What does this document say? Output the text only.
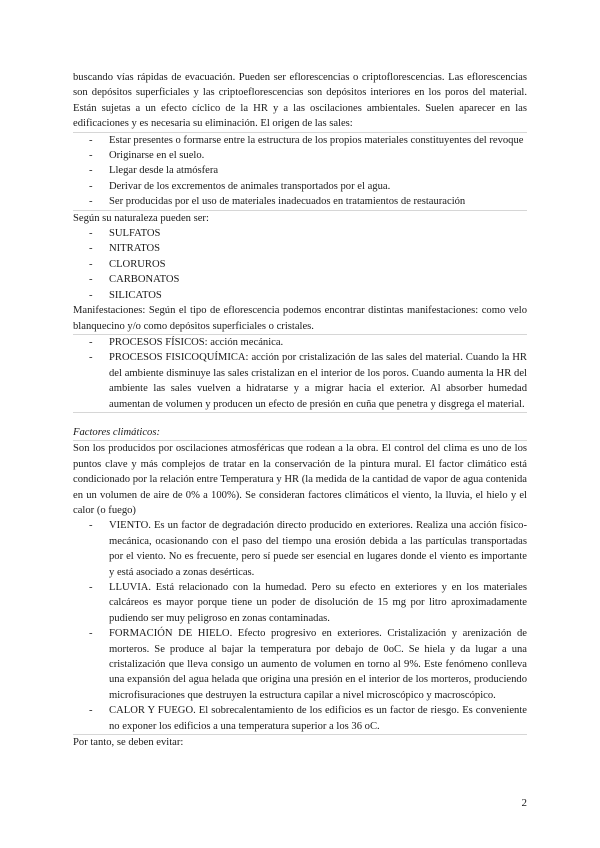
buscando vías rápidas de evacuación. Pueden ser eflorescencias o criptoflorescencias. Las eflorescencias son depósitos superficiales y las criptoeflorescencias son depósitos interiores en los poros del material. Están sujetas a un efecto cíclico de la HR y a las oscilaciones ambientales. Suelen aparecer en las edificaciones y es necesaria su eliminación. El origen de las sales:

- Estar presentes o formarse entre la estructura de los propios materiales constituyentes del revoque
- Originarse en el suelo.
- Llegar desde la atmósfera
- Derivar de los excrementos de animales transportados por el agua.
- Ser producidas por el uso de materiales inadecuados en tratamientos de restauración

Según su naturaleza pueden ser:

- SULFATOS
- NITRATOS
- CLORUROS
- CARBONATOS
- SILICATOS

Manifestaciones: Según el tipo de eflorescencia podemos encontrar distintas manifestaciones: como velo blanquecino y/o como depósitos superficiales o cristales.

- PROCESOS FÍSICOS: acción mecánica.
- PROCESOS FISICOQUÍMICA: acción por cristalización de las sales del material. Cuando la HR del ambiente disminuye las sales cristalizan en el interior de los poros. Cuando aumenta la HR del ambiente las sales vuelven a hidratarse y a migrar hacia el exterior. Al absorber humedad aumentan de volumen y producen un efecto de presión en cuña que penetra y disgrega el material.

Factores climáticos:

Son los producidos por oscilaciones atmosféricas que rodean a la obra. El control del clima es uno de los puntos clave y más complejos de tratar en la conservación de la pintura mural. El factor climático está condicionado por la relación entre Temperatura y HR (la medida de la cantidad de vapor de agua contenida en un volumen de aire de 0% a 100%). Se consideran factores climáticos el viento, la lluvia, el hielo y el calor (o fuego)

- VIENTO. Es un factor de degradación directo producido en exteriores. Realiza una acción físico- mecánica, ocasionando con el paso del tiempo una erosión debida a las partículas transportadas por el viento. No es frecuente, pero sí puede ser esencial en lugares donde el viento es importante y está asociado a zonas desérticas.
- LLUVIA. Está relacionado con la humedad. Pero su efecto en exteriores y en los materiales calcáreos es mayor porque tiene un poder de disolución de 15 mg por litro aproximadamente pudiendo ser muy peligroso en zonas contaminadas.
- FORMACIÓN DE HIELO. Efecto progresivo en exteriores. Cristalización y arenización de morteros. Se produce al bajar la temperatura por debajo de 0oC. Se hiela y da lugar a una cristalización que lleva consigo un aumento de volumen en torno al 9%. Este fenómeno conlleva una expansión del agua helada que origina una presión en el interior de los morteros, produciendo microfisuraciones que destruyen la estructura capilar a nivel microscópico y macroscópico.
- CALOR Y FUEGO. El sobrecalentamiento de los edificios es un factor de riesgo. Es conveniente no exponer los edificios a una temperatura superior a los 36 oC.

Por tanto, se deben evitar:

2
